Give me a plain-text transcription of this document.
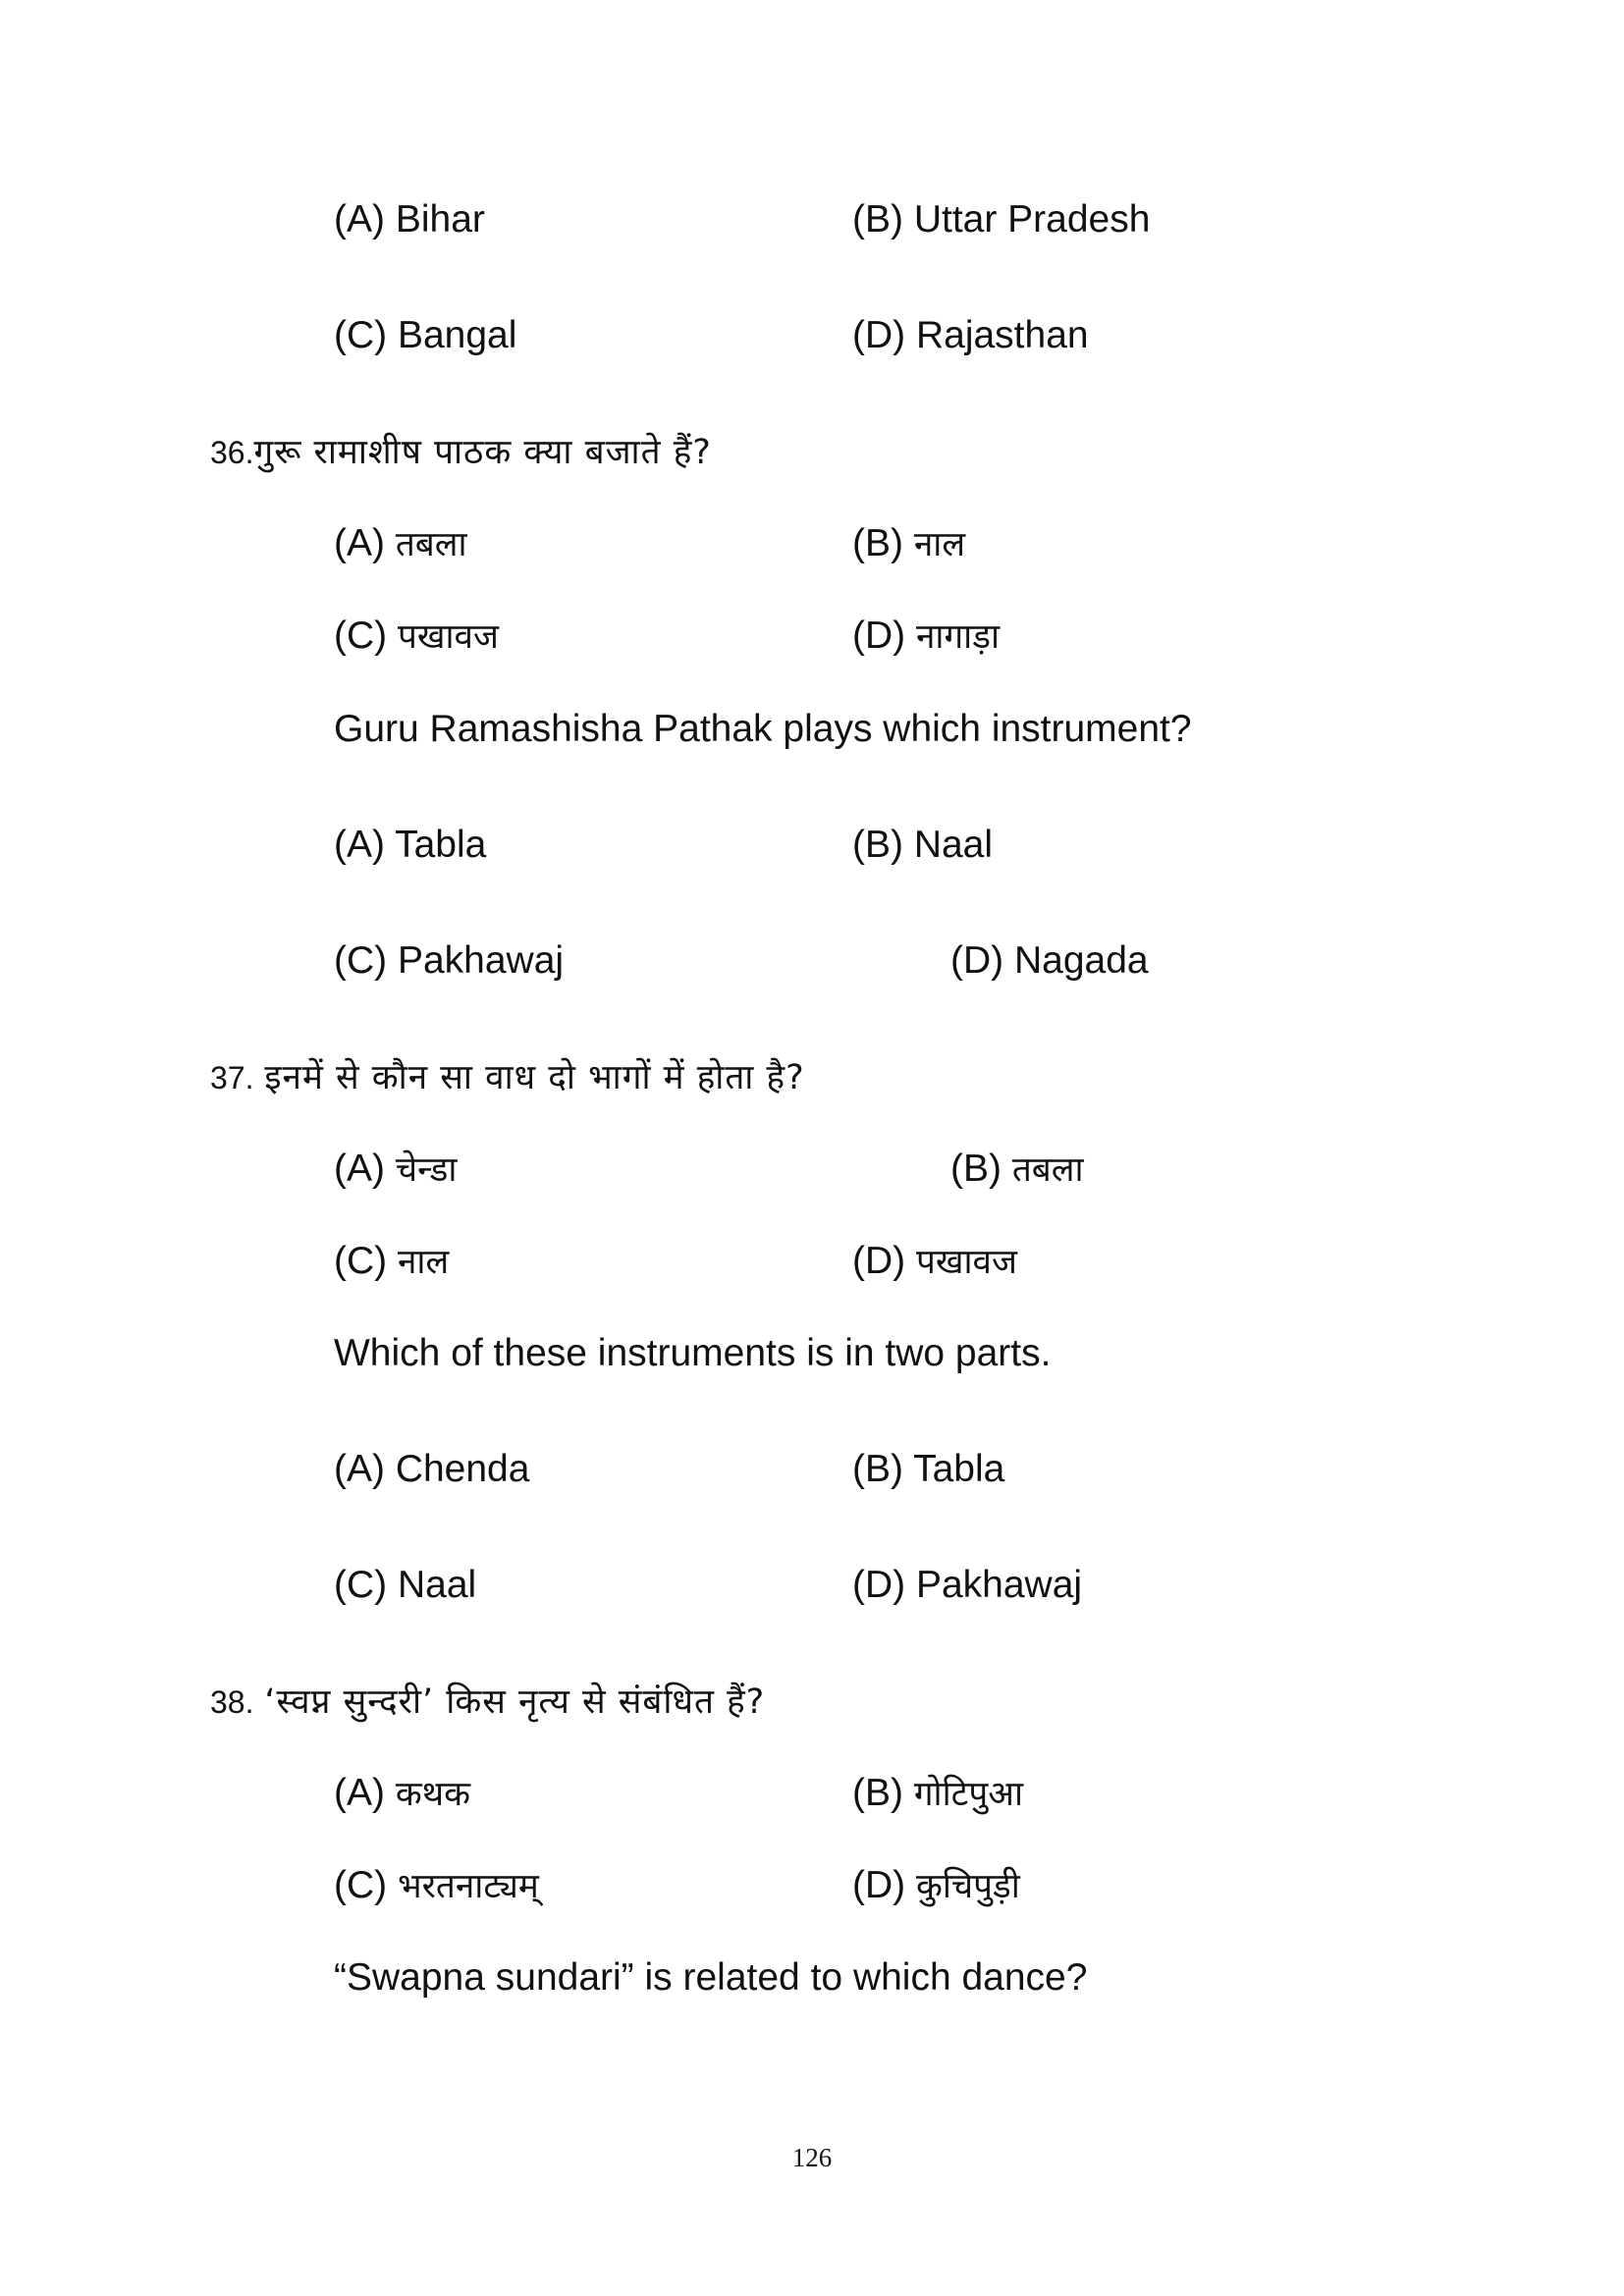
(A) Bihar	(B) Uttar Pradesh
(C) Bangal	(D) Rajasthan
36.गुरू रामाशीष पाठक क्या बजाते हैं?
(A) तबला	(B) नाल
(C) पखावज	(D) नागाड़ा
Guru Ramashisha Pathak plays which instrument?
(A) Tabla	(B) Naal
(C) Pakhawaj	(D) Nagada
37. इनमें से कौन सा वाध दो भागों में होता है?
(A) चेन्डा	(B) तबला
(C) नाल	(D) पखावज
Which of these instruments is in two parts.
(A) Chenda	(B) Tabla
(C) Naal	(D) Pakhawaj
38. ‘स्वप्न सुन्दरी’ किस नृत्य से संबंधित हैं?
(A) कथक	(B) गोटिपुआ
(C) भरतनाट्यम्	(D) कुचिपुड़ी
“Swapna sundari” is related to which dance?
126
